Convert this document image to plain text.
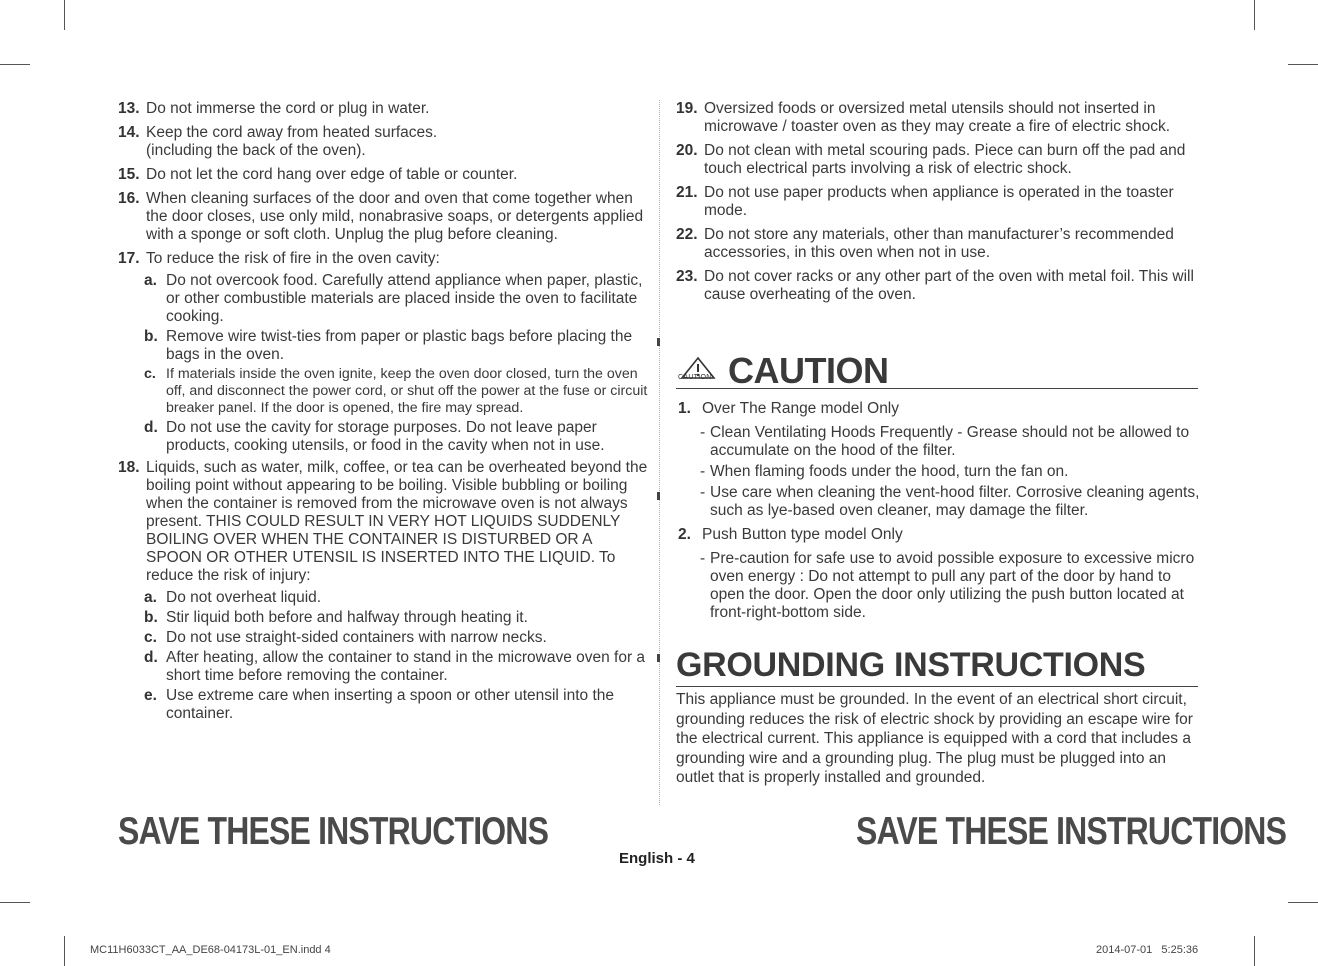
13. Do not immerse the cord or plug in water.
14. Keep the cord away from heated surfaces. (including the back of the oven).
15. Do not let the cord hang over edge of table or counter.
16. When cleaning surfaces of the door and oven that come together when the door closes, use only mild, nonabrasive soaps, or detergents applied with a sponge or soft cloth. Unplug the plug before cleaning.
17. To reduce the risk of fire in the oven cavity:
a. Do not overcook food. Carefully attend appliance when paper, plastic, or other combustible materials are placed inside the oven to facilitate cooking.
b. Remove wire twist-ties from paper or plastic bags before placing the bags in the oven.
c. If materials inside the oven ignite, keep the oven door closed, turn the oven off, and disconnect the power cord, or shut off the power at the fuse or circuit breaker panel. If the door is opened, the fire may spread.
d. Do not use the cavity for storage purposes. Do not leave paper products, cooking utensils, or food in the cavity when not in use.
18. Liquids, such as water, milk, coffee, or tea can be overheated beyond the boiling point without appearing to be boiling. Visible bubbling or boiling when the container is removed from the microwave oven is not always present. THIS COULD RESULT IN VERY HOT LIQUIDS SUDDENLY BOILING OVER WHEN THE CONTAINER IS DISTURBED OR A SPOON OR OTHER UTENSIL IS INSERTED INTO THE LIQUID. To reduce the risk of injury:
a. Do not overheat liquid.
b. Stir liquid both before and halfway through heating it.
c. Do not use straight-sided containers with narrow necks.
d. After heating, allow the container to stand in the microwave oven for a short time before removing the container.
e. Use extreme care when inserting a spoon or other utensil into the container.
19. Oversized foods or oversized metal utensils should not inserted in microwave / toaster oven as they may create a fire of electric shock.
20. Do not clean with metal scouring pads. Piece can burn off the pad and touch electrical parts involving a risk of electric shock.
21. Do not use paper products when appliance is operated in the toaster mode.
22. Do not store any materials, other than manufacturer’s recommended accessories, in this oven when not in use.
23. Do not cover racks or any other part of the oven with metal foil. This will cause overheating of the oven.
CAUTION CAUTION
1. Over The Range model Only
- Clean Ventilating Hoods Frequently - Grease should not be allowed to accumulate on the hood of the filter.
- When flaming foods under the hood, turn the fan on.
- Use care when cleaning the vent-hood filter. Corrosive cleaning agents, such as lye-based oven cleaner, may damage the filter.
2. Push Button type model Only
- Pre-caution for safe use to avoid possible exposure to excessive micro oven energy : Do not attempt to pull any part of the door by hand to open the door. Open the door only utilizing the push button located at front-right-bottom side.
GROUNDING INSTRUCTIONS
This appliance must be grounded. In the event of an electrical short circuit, grounding reduces the risk of electric shock by providing an escape wire for the electrical current. This appliance is equipped with a cord that includes a grounding wire and a grounding plug. The plug must be plugged into an outlet that is properly installed and grounded.
SAVE THESE INSTRUCTIONS	SAVE THESE INSTRUCTIONS
English - 4
MC11H6033CT_AA_DE68-04173L-01_EN.indd 4	2014-07-01   5:25:36
